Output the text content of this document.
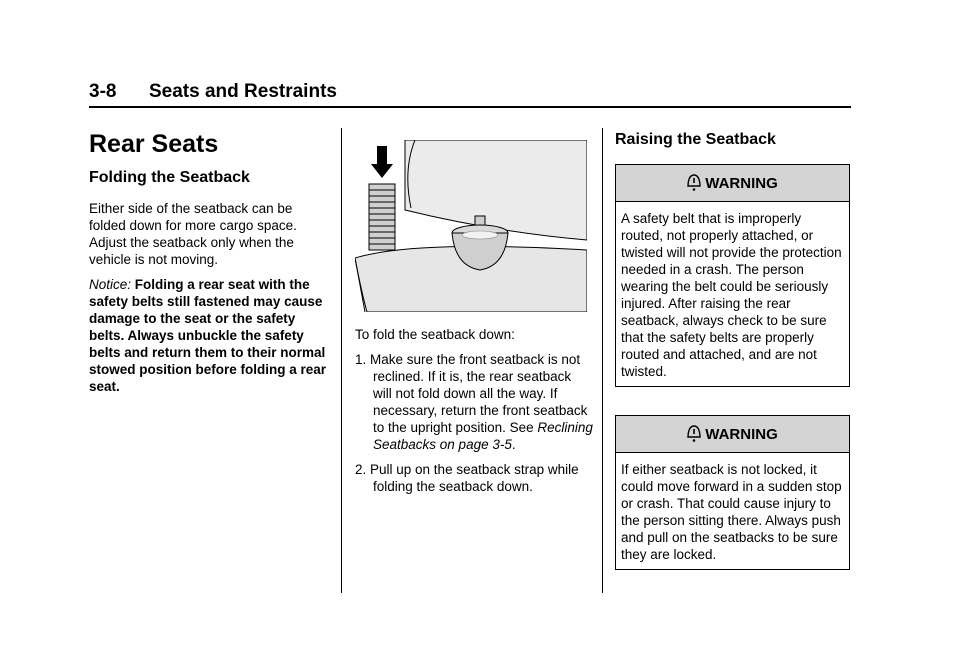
3-8 Seats and Restraints
Rear Seats
Folding the Seatback

Either side of the seatback can be folded down for more cargo space. Adjust the seatback only when the vehicle is not moving.

Notice: Folding a rear seat with the safety belts still fastened may cause damage to the seat or the safety belts. Always unbuckle the safety belts and return them to their normal stowed position before folding a rear seat.

To fold the seatback down:

1. Make sure the front seatback is not reclined. If it is, the rear seatback will not fold down all the way. If necessary, return the front seatback to the upright position. See Reclining Seatbacks on page 3-5.
2. Pull up on the seatback strap while folding the seatback down.
Raising the Seatback
WARNING
A safety belt that is improperly routed, not properly attached, or twisted will not provide the protection needed in a crash. The person wearing the belt could be seriously injured. After raising the rear seatback, always check to be sure that the safety belts are properly routed and attached, and are not twisted.
WARNING
If either seatback is not locked, it could move forward in a sudden stop or crash. That could cause injury to the person sitting there. Always push and pull on the seatbacks to be sure they are locked.
